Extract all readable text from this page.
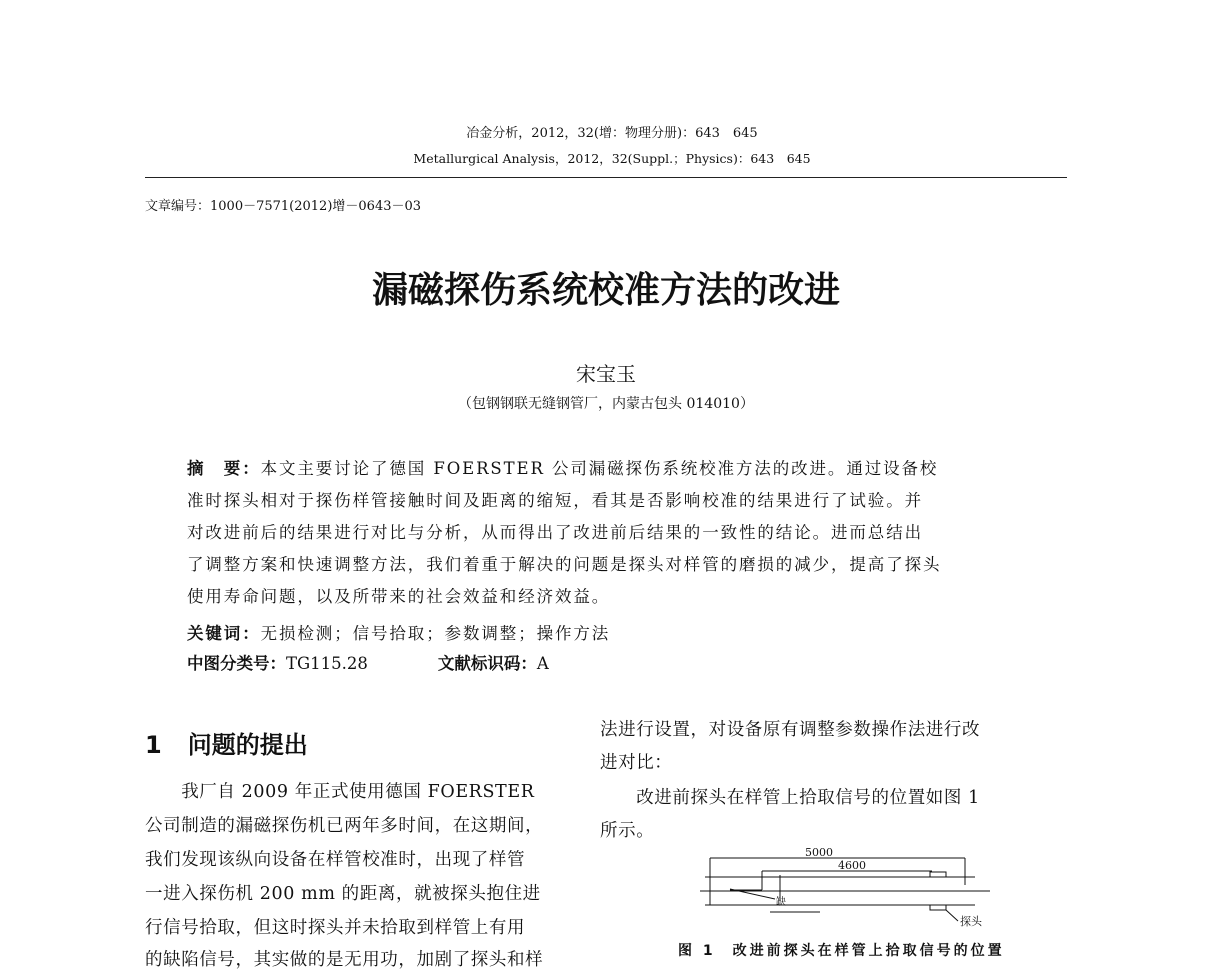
冶金分析，2012，32(增：物理分册)：643　645
Metallurgical Analysis，2012，32(Suppl.；Physics)：643　645
文章编号：1000－7571(2012)增－0643－03
漏磁探伤系统校准方法的改进
宋宝玉
（包钢钢联无缝钢管厂，内蒙古包头 014010）
摘　要：本文主要讨论了德国 FOERSTER 公司漏磁探伤系统校准方法的改进。通过设备校
准时探头相对于探伤样管接触时间及距离的缩短，看其是否影响校准的结果进行了试验。并
对改进前后的结果进行对比与分析，从而得出了改进前后结果的一致性的结论。进而总结出
了调整方案和快速调整方法，我们着重于解决的问题是探头对样管的磨损的减少，提高了探头
使用寿命问题，以及所带来的社会效益和经济效益。
关键词：无损检测；信号拾取；参数调整；操作方法
中图分类号：TG115.28	文献标识码：A
1 问题的提出
　　我厂自 2009 年正式使用德国 FOERSTER
公司制造的漏磁探伤机已两年多时间，在这期间，
我们发现该纵向设备在样管校准时，出现了样管
一进入探伤机 200 mm 的距离，就被探头抱住进
行信号拾取，但这时探头并未拾取到样管上有用
的缺陷信号，其实做的是无用功，加剧了探头和样
法进行设置，对设备原有调整参数操作法进行改
进对比：
　　改进前探头在样管上拾取信号的位置如图 1
所示。
5000
4600
缺
探头
图 1　改进前探头在样管上拾取信号的位置
